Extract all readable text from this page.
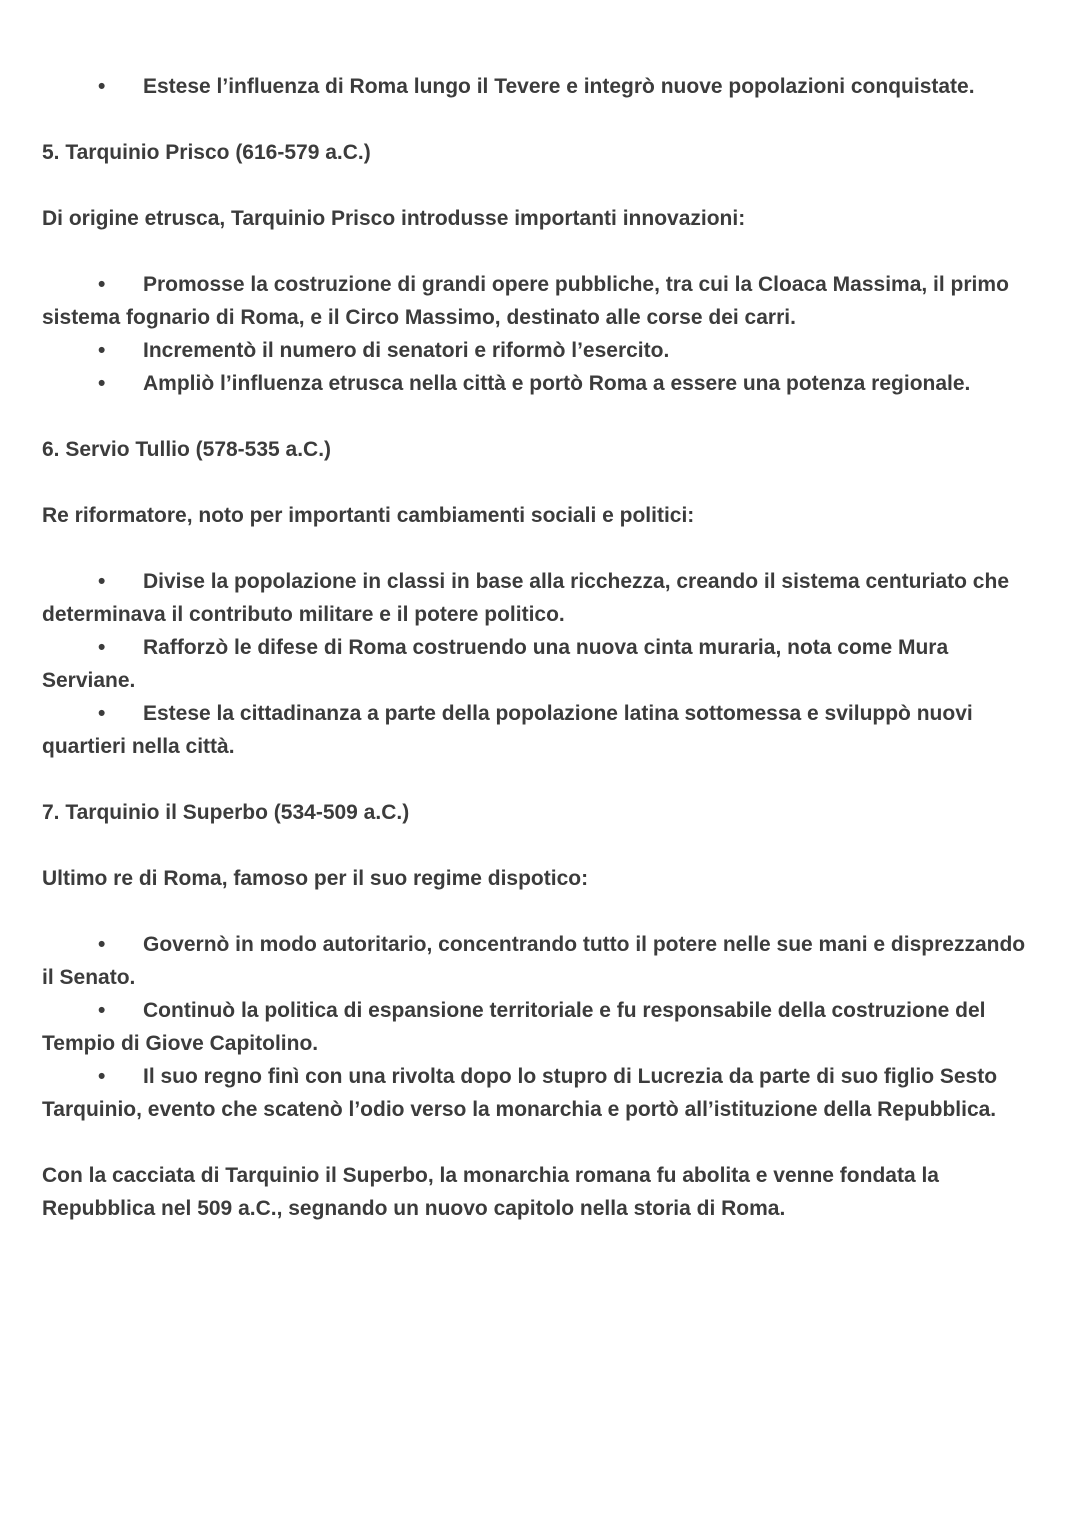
• Estese l’influenza di Roma lungo il Tevere e integrò nuove popolazioni conquistate.

5. Tarquinio Prisco (616-579 a.C.)

Di origine etrusca, Tarquinio Prisco introdusse importanti innovazioni:

• Promosse la costruzione di grandi opere pubbliche, tra cui la Cloaca Massima, il primo sistema fognario di Roma, e il Circo Massimo, destinato alle corse dei carri.

• Incrementò il numero di senatori e riformò l’esercito.

• Ampliò l’influenza etrusca nella città e portò Roma a essere una potenza regionale.

6. Servio Tullio (578-535 a.C.)

Re riformatore, noto per importanti cambiamenti sociali e politici:

• Divise la popolazione in classi in base alla ricchezza, creando il sistema centuriato che determinava il contributo militare e il potere politico.

• Rafforzò le difese di Roma costruendo una nuova cinta muraria, nota come Mura Serviane.

• Estese la cittadinanza a parte della popolazione latina sottomessa e sviluppò nuovi quartieri nella città.

7. Tarquinio il Superbo (534-509 a.C.)

Ultimo re di Roma, famoso per il suo regime dispotico:

• Governò in modo autoritario, concentrando tutto il potere nelle sue mani e disprezzando il Senato.

• Continuò la politica di espansione territoriale e fu responsabile della costruzione del Tempio di Giove Capitolino.

• Il suo regno finì con una rivolta dopo lo stupro di Lucrezia da parte di suo figlio Sesto Tarquinio, evento che scatenò l’odio verso la monarchia e portò all’istituzione della Repubblica.

Con la cacciata di Tarquinio il Superbo, la monarchia romana fu abolita e venne fondata la Repubblica nel 509 a.C., segnando un nuovo capitolo nella storia di Roma.
